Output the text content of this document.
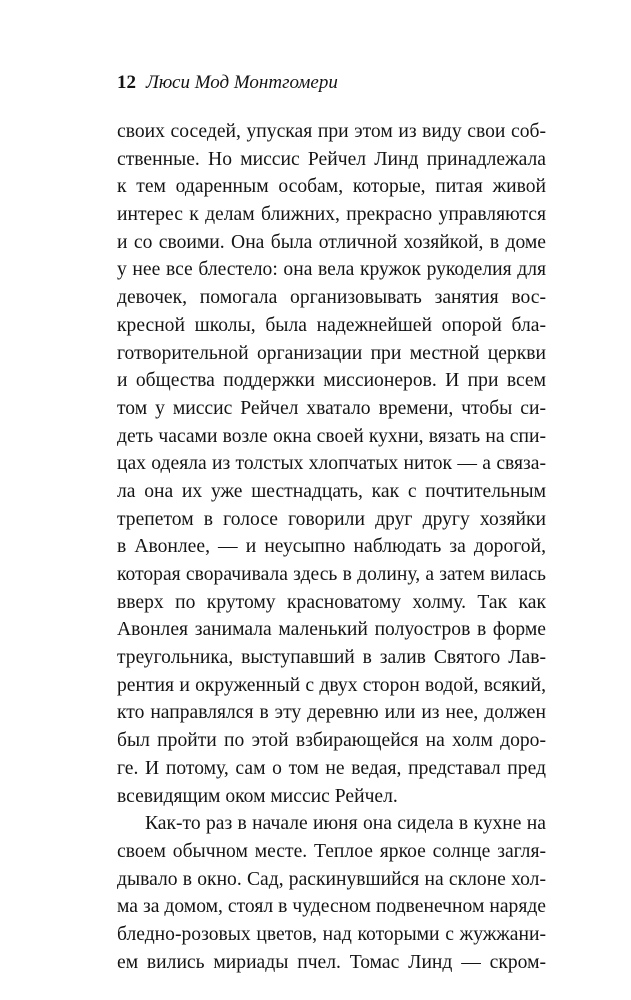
12 Люси Мод Монтгомери
своих соседей, упуская при этом из виду свои соб-
ственные. Но миссис Рейчел Линд принадлежала
к тем одаренным особам, которые, питая живой
интерес к делам ближних, прекрасно управляются
и со своими. Она была отличной хозяйкой, в доме
у нее все блестело: она вела кружок рукоделия для
девочек, помогала организовывать занятия вос-
кресной школы, была надежнейшей опорой бла-
готворительной организации при местной церкви
и общества поддержки миссионеров. И при всем
том у миссис Рейчел хватало времени, чтобы си-
деть часами возле окна своей кухни, вязать на спи-
цах одеяла из толстых хлопчатых ниток — а связа-
ла она их уже шестнадцать, как с почтительным
трепетом в голосе говорили друг другу хозяйки
в Авонлее, — и неусыпно наблюдать за дорогой,
которая сворачивала здесь в долину, а затем вилась
вверх по крутому красноватому холму. Так как
Авонлея занимала маленький полуостров в форме
треугольника, выступавший в залив Святого Лав-
рентия и окруженный с двух сторон водой, всякий,
кто направлялся в эту деревню или из нее, должен
был пройти по этой взбирающейся на холм доро-
ге. И потому, сам о том не ведая, представал пред
всевидящим оком миссис Рейчел.
Как-то раз в начале июня она сидела в кухне на
своем обычном месте. Теплое яркое солнце загля-
дывало в окно. Сад, раскинувшийся на склоне хол-
ма за домом, стоял в чудесном подвенечном наряде
бледно-розовых цветов, над которыми с жужжани-
ем вились мириады пчел. Томас Линд — скром-
